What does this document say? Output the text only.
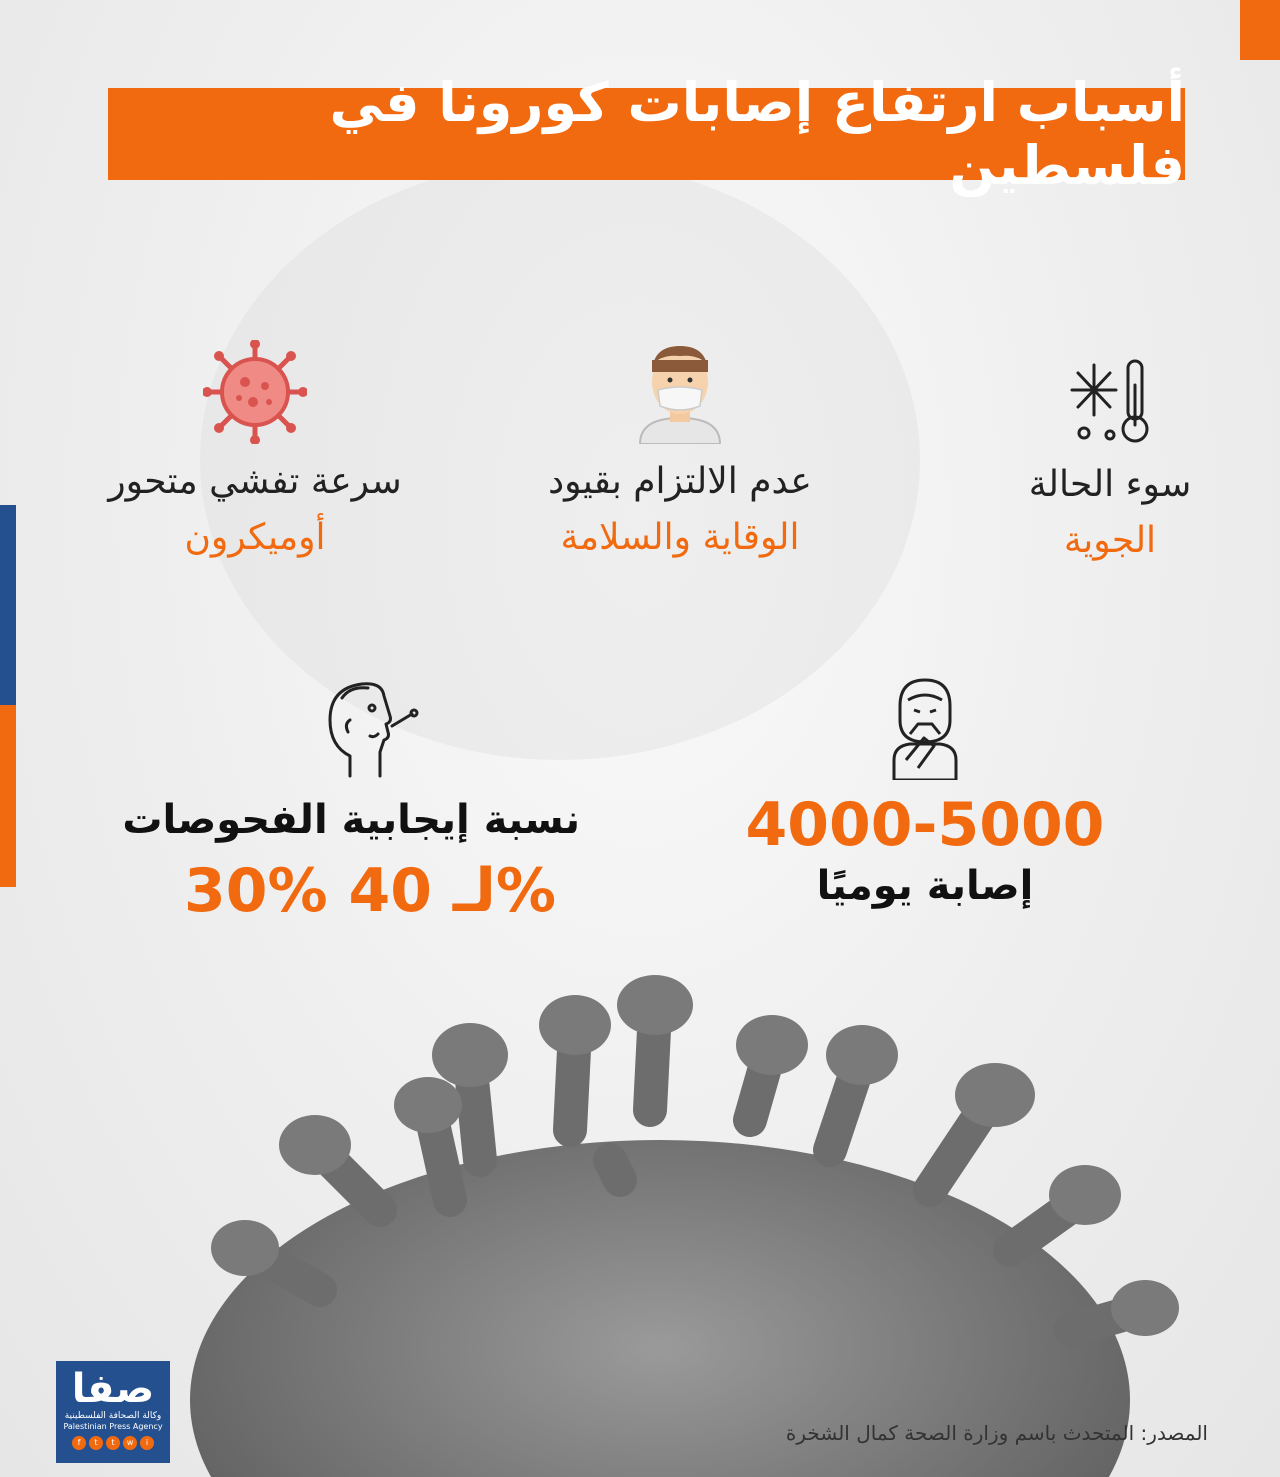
أسباب ارتفاع إصابات كورونا في فلسطين
سوء الحالة
الجوية
عدم الالتزام بقيود
الوقاية والسلامة
سرعة تفشي متحور
أوميكرون
4000-5000
إصابة يوميًا
نسبة إيجابية الفحوصات
30% لـ 40%
صفا
وكالة الصحافة الفلسطينية
Palestinian Press Agency
f	t	t	w	i	المصدر: المتحدث باسم وزارة الصحة كمال الشخرة
